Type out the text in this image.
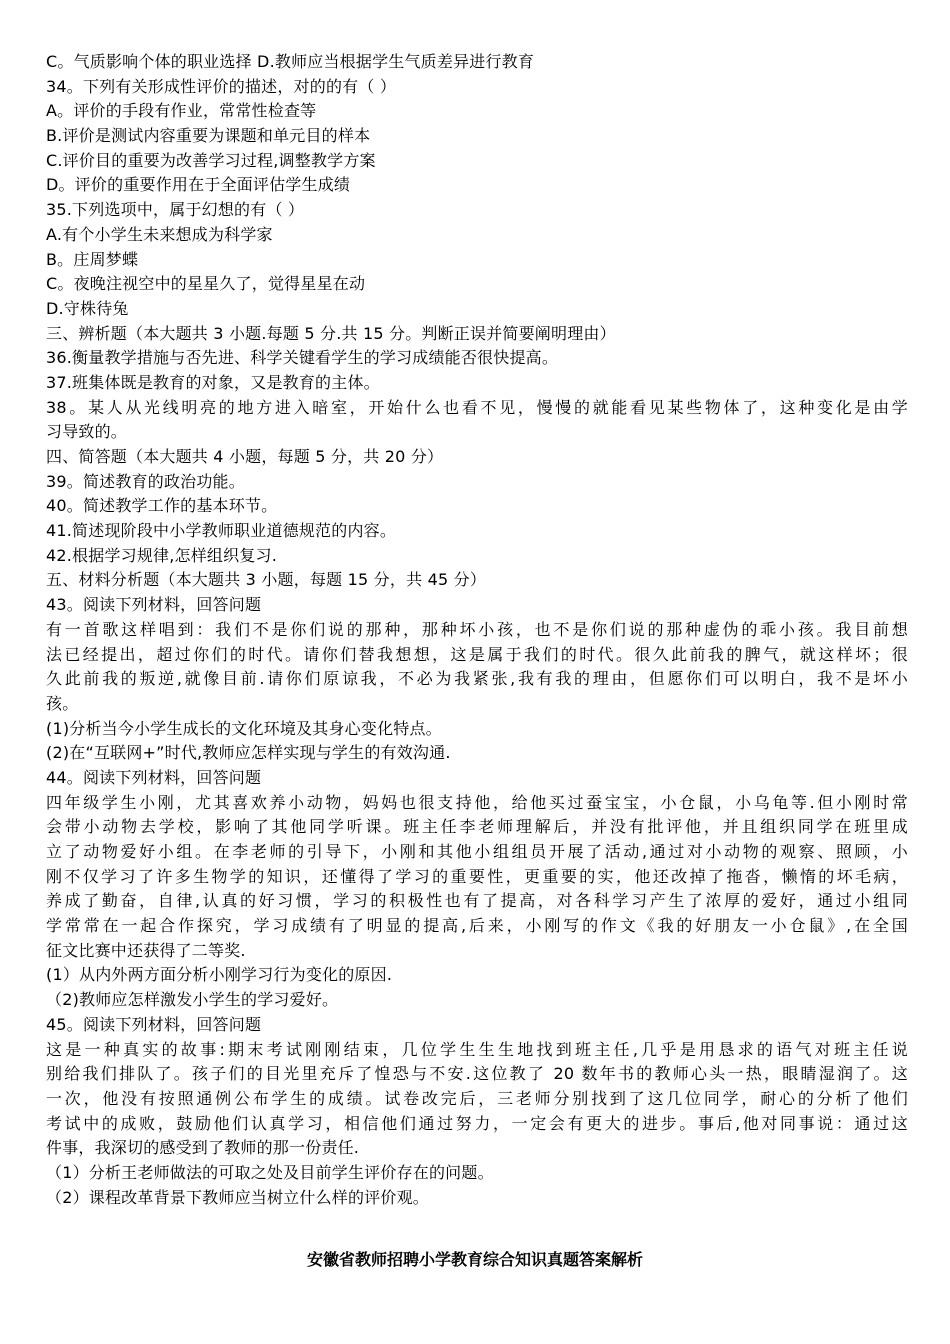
C。气质影响个体的职业选择 D.教师应当根据学生气质差异进行教育
34。下列有关形成性评价的描述，对的的有（ ）
A。评价的手段有作业，常常性检查等
B.评价是测试内容重要为课题和单元目的样本
C.评价目的重要为改善学习过程,调整教学方案
D。评价的重要作用在于全面评估学生成绩
35.下列选项中，属于幻想的有（ ）
A.有个小学生未来想成为科学家
B。庄周梦蝶
C。夜晚注视空中的星星久了，觉得星星在动
D.守株待兔
三、辨析题（本大题共 3 小题.每题 5 分.共 15 分。判断正误并简要阐明理由）
36.衡量教学措施与否先进、科学关键看学生的学习成绩能否很快提高。
37.班集体既是教育的对象，又是教育的主体。
38。某人从光线明亮的地方进入暗室，开始什么也看不见，慢慢的就能看见某些物体了，这种变化是由学
习导致的。
四、简答题（本大题共 4 小题，每题 5 分，共 20 分）
39。简述教育的政治功能。
40。简述教学工作的基本环节。
41.简述现阶段中小学教师职业道德规范的内容。
42.根据学习规律,怎样组织复习.
五、材料分析题（本大题共 3 小题，每题 15 分，共 45 分）
43。阅读下列材料，回答问题
有一首歌这样唱到：我们不是你们说的那种，那种坏小孩，也不是你们说的那种虚伪的乖小孩。我目前想
法已经提出，超过你们的时代。请你们替我想想，这是属于我们的时代。很久此前我的脾气，就这样坏；很
久此前我的叛逆,就像目前.请你们原谅我，不必为我紧张,我有我的理由，但愿你们可以明白，我不是坏小
孩。
(1)分析当今小学生成长的文化环境及其身心变化特点。
(2)在“互联网+”时代,教师应怎样实现与学生的有效沟通.
44。阅读下列材料，回答问题
四年级学生小刚，尤其喜欢养小动物，妈妈也很支持他，给他买过蚕宝宝，小仓鼠，小乌龟等.但小刚时常
会带小动物去学校，影响了其他同学听课。班主任李老师理解后，并没有批评他，并且组织同学在班里成
立了动物爱好小组。在李老师的引导下，小刚和其他小组组员开展了活动,通过对小动物的观察、照顾，小
刚不仅学习了许多生物学的知识，还懂得了学习的重要性，更重要的实，他还改掉了拖沓，懒惰的坏毛病，
养成了勤奋，自律,认真的好习惯，学习的积极性也有了提高，对各科学习产生了浓厚的爱好，通过小组同
学常常在一起合作探究，学习成绩有了明显的提高,后来，小刚写的作文《我的好朋友一小仓鼠》,在全国
征文比赛中还获得了二等奖.
(1）从内外两方面分析小刚学习行为变化的原因.
（2)教师应怎样激发小学生的学习爱好。
45。阅读下列材料，回答问题
这是一种真实的故事:期末考试刚刚结束，几位学生生生地找到班主任,几乎是用恳求的语气对班主任说
别给我们排队了。孩子们的目光里充斥了惶恐与不安.这位教了 20 数年书的教师心头一热，眼睛湿润了。这
一次，他没有按照通例公布学生的成绩。试卷改完后，三老师分别找到了这几位同学，耐心的分析了他们
考试中的成败，鼓励他们认真学习，相信他们通过努力，一定会有更大的进步。事后,他对同事说：通过这
件事，我深切的感受到了教师的那一份责任.
（1）分析王老师做法的可取之处及目前学生评价存在的问题。
（2）课程改革背景下教师应当树立什么样的评价观。
安徽省教师招聘小学教育综合知识真题答案解析
